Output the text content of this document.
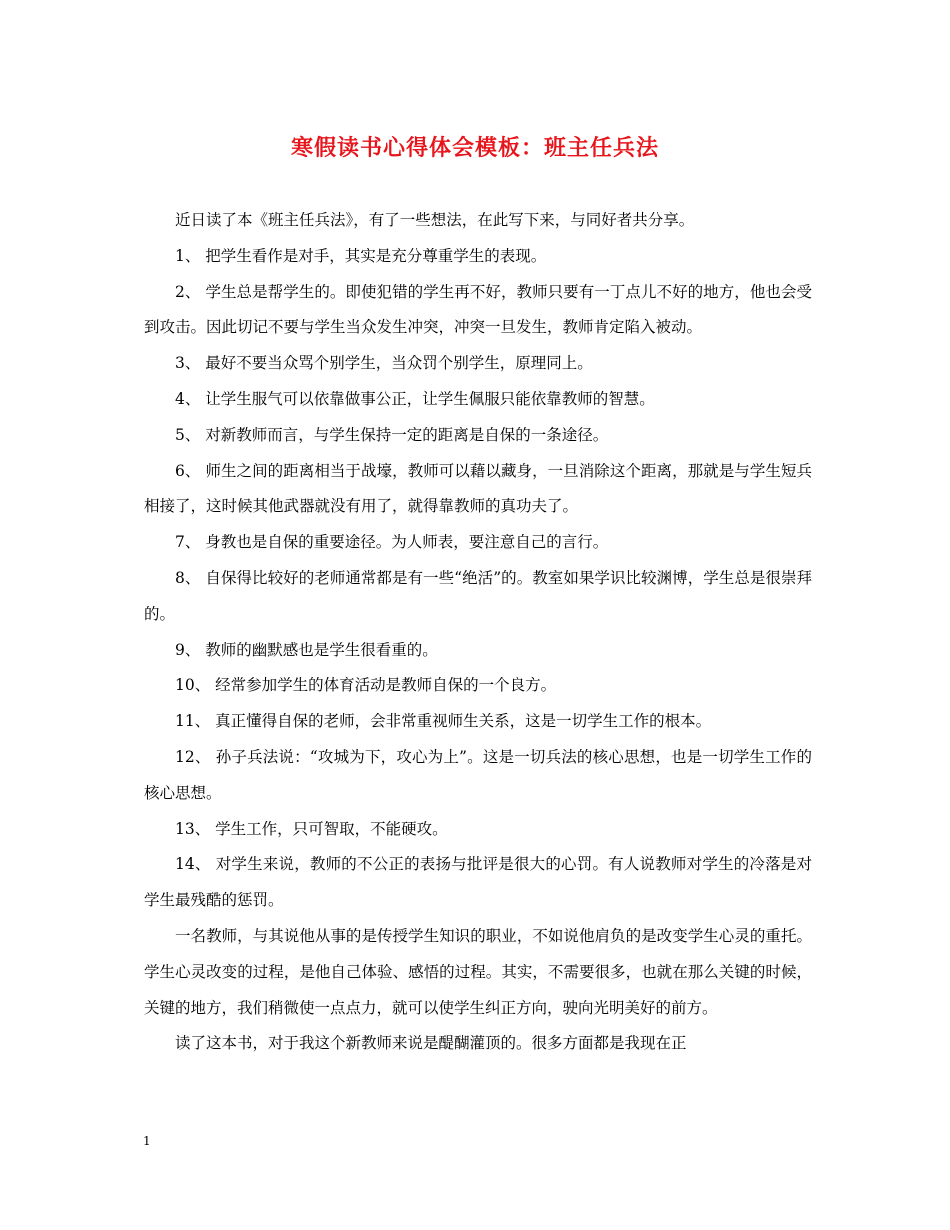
寒假读书心得体会模板：班主任兵法

近日读了本《班主任兵法》，有了一些想法，在此写下来，与同好者共分享。

1、 把学生看作是对手，其实是充分尊重学生的表现。

2、 学生总是帮学生的。即使犯错的学生再不好，教师只要有一丁点儿不好的地方，他也会受到攻击。因此切记不要与学生当众发生冲突，冲突一旦发生，教师肯定陷入被动。

3、 最好不要当众骂个别学生，当众罚个别学生，原理同上。

4、 让学生服气可以依靠做事公正，让学生佩服只能依靠教师的智慧。

5、 对新教师而言，与学生保持一定的距离是自保的一条途径。

6、 师生之间的距离相当于战壕，教师可以藉以藏身，一旦消除这个距离，那就是与学生短兵相接了，这时候其他武器就没有用了，就得靠教师的真功夫了。

7、 身教也是自保的重要途径。为人师表，要注意自己的言行。

8、 自保得比较好的老师通常都是有一些“绝活”的。教室如果学识比较渊博，学生总是很崇拜的。

9、 教师的幽默感也是学生很看重的。

10、 经常参加学生的体育活动是教师自保的一个良方。

11、 真正懂得自保的老师，会非常重视师生关系，这是一切学生工作的根本。

12、 孙子兵法说：“攻城为下，攻心为上”。这是一切兵法的核心思想，也是一切学生工作的核心思想。

13、 学生工作，只可智取，不能硬攻。

14、 对学生来说，教师的不公正的表扬与批评是很大的心罚。有人说教师对学生的冷落是对学生最残酷的惩罚。

一名教师，与其说他从事的是传授学生知识的职业，不如说他肩负的是改变学生心灵的重托。学生心灵改变的过程，是他自己体验、感悟的过程。其实，不需要很多，也就在那么关键的时候，关键的地方，我们稍微使一点点力，就可以使学生纠正方向，驶向光明美好的前方。

读了这本书，对于我这个新教师来说是醍醐灌顶的。很多方面都是我现在正

1
